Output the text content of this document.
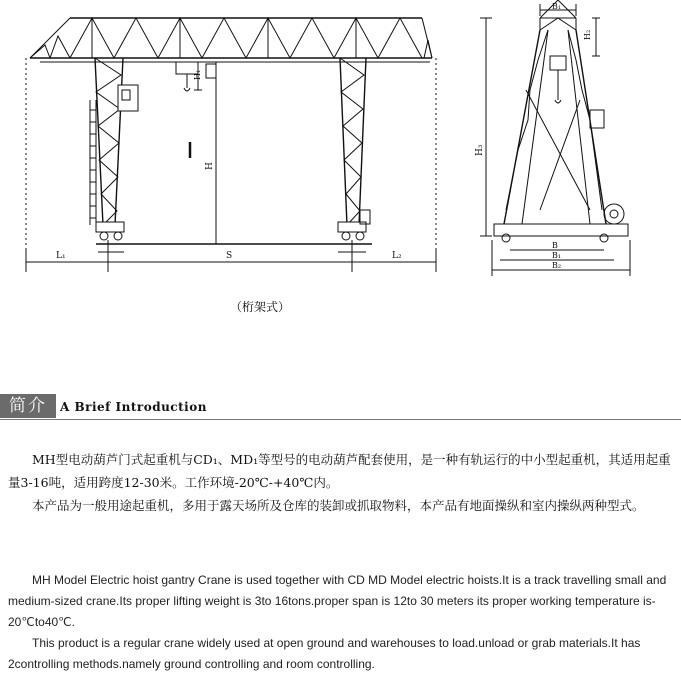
H₁
H
S
L₁	L₂
B₁
H₂
H₃
B
B₁
B₂
（桁架式）
简介	A Brief Introduction

MH型电动葫芦门式起重机与CD₁、MD₁等型号的电动葫芦配套使用，是一种有轨运行的中小型起重机，其适用起重量3-16吨，适用跨度12-30米。工作环境-20℃-+40℃内。

本产品为一般用途起重机，多用于露天场所及仓库的装卸或抓取物料，本产品有地面操纵和室内操纵两种型式。

MH Model Electric hoist gantry Crane is used together with CD MD Model electric hoists.It is a track travelling small and medium-sized crane.Its proper lifting weight is 3to 16tons.proper span is 12to 30 meters its proper working temperature is-20℃to40℃.

This product is a regular crane widely used at open ground and warehouses to load.unload or grab materials.It has 2controlling methods.namely ground controlling and room controlling.
